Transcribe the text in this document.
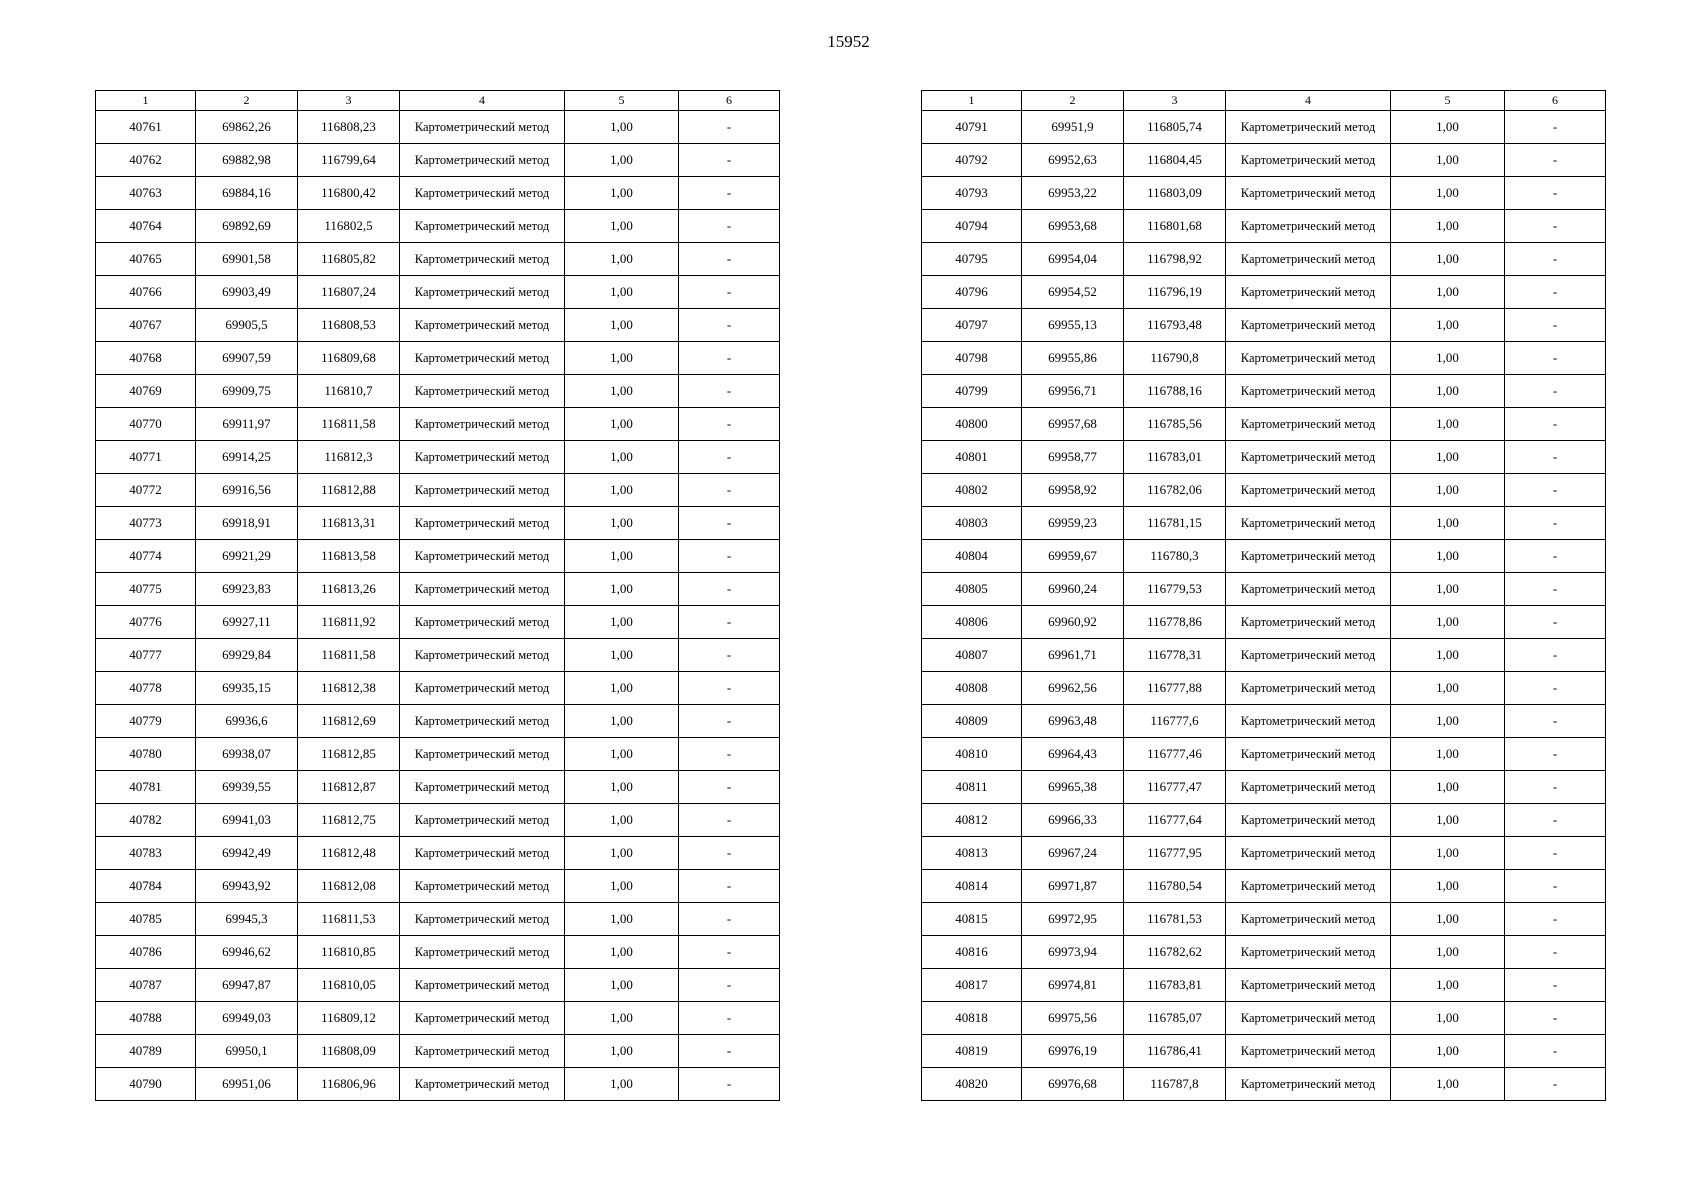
15952
1	2	3	4	5	6
40761	69862,26	116808,23	Картометрический метод	1,00	-
40762	69882,98	116799,64	Картометрический метод	1,00	-
40763	69884,16	116800,42	Картометрический метод	1,00	-
40764	69892,69	116802,5	Картометрический метод	1,00	-
40765	69901,58	116805,82	Картометрический метод	1,00	-
40766	69903,49	116807,24	Картометрический метод	1,00	-
40767	69905,5	116808,53	Картометрический метод	1,00	-
40768	69907,59	116809,68	Картометрический метод	1,00	-
40769	69909,75	116810,7	Картометрический метод	1,00	-
40770	69911,97	116811,58	Картометрический метод	1,00	-
40771	69914,25	116812,3	Картометрический метод	1,00	-
40772	69916,56	116812,88	Картометрический метод	1,00	-
40773	69918,91	116813,31	Картометрический метод	1,00	-
40774	69921,29	116813,58	Картометрический метод	1,00	-
40775	69923,83	116813,26	Картометрический метод	1,00	-
40776	69927,11	116811,92	Картометрический метод	1,00	-
40777	69929,84	116811,58	Картометрический метод	1,00	-
40778	69935,15	116812,38	Картометрический метод	1,00	-
40779	69936,6	116812,69	Картометрический метод	1,00	-
40780	69938,07	116812,85	Картометрический метод	1,00	-
40781	69939,55	116812,87	Картометрический метод	1,00	-
40782	69941,03	116812,75	Картометрический метод	1,00	-
40783	69942,49	116812,48	Картометрический метод	1,00	-
40784	69943,92	116812,08	Картометрический метод	1,00	-
40785	69945,3	116811,53	Картометрический метод	1,00	-
40786	69946,62	116810,85	Картометрический метод	1,00	-
40787	69947,87	116810,05	Картометрический метод	1,00	-
40788	69949,03	116809,12	Картометрический метод	1,00	-
40789	69950,1	116808,09	Картометрический метод	1,00	-
40790	69951,06	116806,96	Картометрический метод	1,00	-
1	2	3	4	5	6
40791	69951,9	116805,74	Картометрический метод	1,00	-
40792	69952,63	116804,45	Картометрический метод	1,00	-
40793	69953,22	116803,09	Картометрический метод	1,00	-
40794	69953,68	116801,68	Картометрический метод	1,00	-
40795	69954,04	116798,92	Картометрический метод	1,00	-
40796	69954,52	116796,19	Картометрический метод	1,00	-
40797	69955,13	116793,48	Картометрический метод	1,00	-
40798	69955,86	116790,8	Картометрический метод	1,00	-
40799	69956,71	116788,16	Картометрический метод	1,00	-
40800	69957,68	116785,56	Картометрический метод	1,00	-
40801	69958,77	116783,01	Картометрический метод	1,00	-
40802	69958,92	116782,06	Картометрический метод	1,00	-
40803	69959,23	116781,15	Картометрический метод	1,00	-
40804	69959,67	116780,3	Картометрический метод	1,00	-
40805	69960,24	116779,53	Картометрический метод	1,00	-
40806	69960,92	116778,86	Картометрический метод	1,00	-
40807	69961,71	116778,31	Картометрический метод	1,00	-
40808	69962,56	116777,88	Картометрический метод	1,00	-
40809	69963,48	116777,6	Картометрический метод	1,00	-
40810	69964,43	116777,46	Картометрический метод	1,00	-
40811	69965,38	116777,47	Картометрический метод	1,00	-
40812	69966,33	116777,64	Картометрический метод	1,00	-
40813	69967,24	116777,95	Картометрический метод	1,00	-
40814	69971,87	116780,54	Картометрический метод	1,00	-
40815	69972,95	116781,53	Картометрический метод	1,00	-
40816	69973,94	116782,62	Картометрический метод	1,00	-
40817	69974,81	116783,81	Картометрический метод	1,00	-
40818	69975,56	116785,07	Картометрический метод	1,00	-
40819	69976,19	116786,41	Картометрический метод	1,00	-
40820	69976,68	116787,8	Картометрический метод	1,00	-
